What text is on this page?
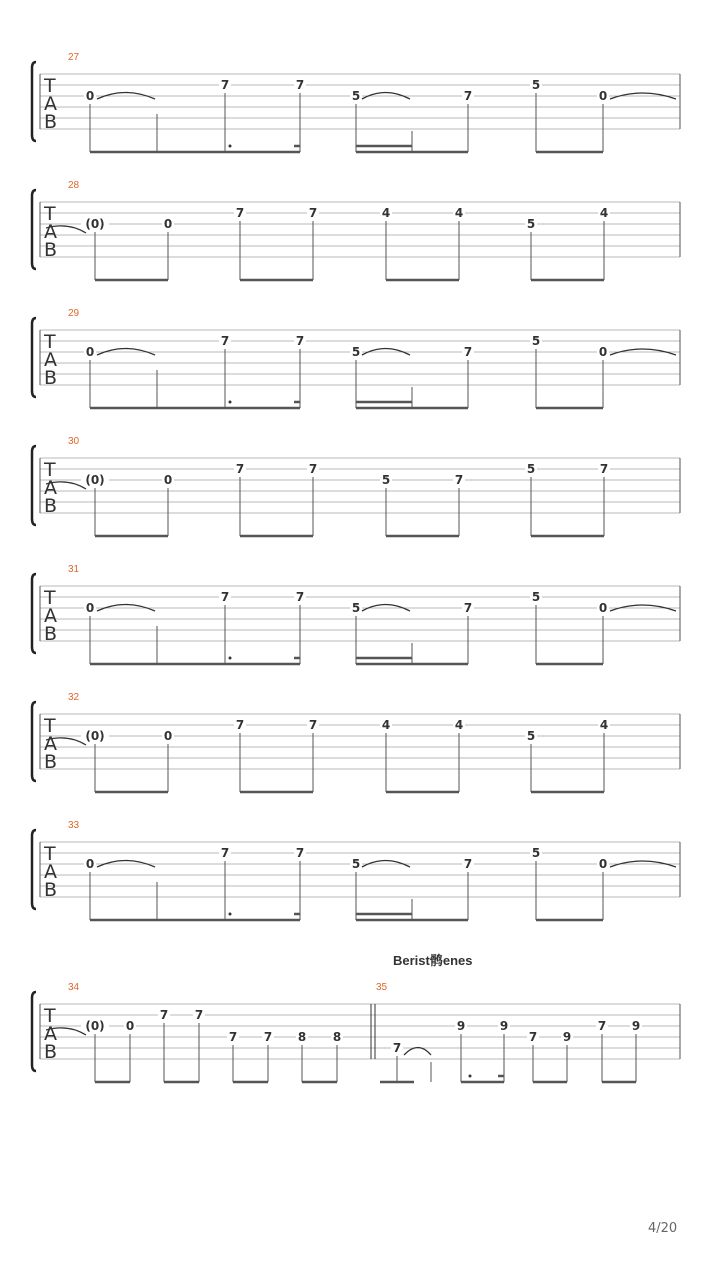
27
28
29
30
31
32
33
34	35
Berist鹘enes
4/20
T
A
B
0
7	7
5	7
5
0
T
A
B
(0)	0
7	7	4	4
5
4
T
A
B
0
7	7
5	7
5
0
T
A
B
(0)	0
7	7
5	7
5	7
T
A
B
0
7	7
5	7
5
0
T
A
B
(0)	0
7	7	4	4
5
4
T
A
B
0
7	7
5	7
5
0
T
A
B
(0) 0
7 7
7 7 8 8
7
9	9
7 9
7 9
